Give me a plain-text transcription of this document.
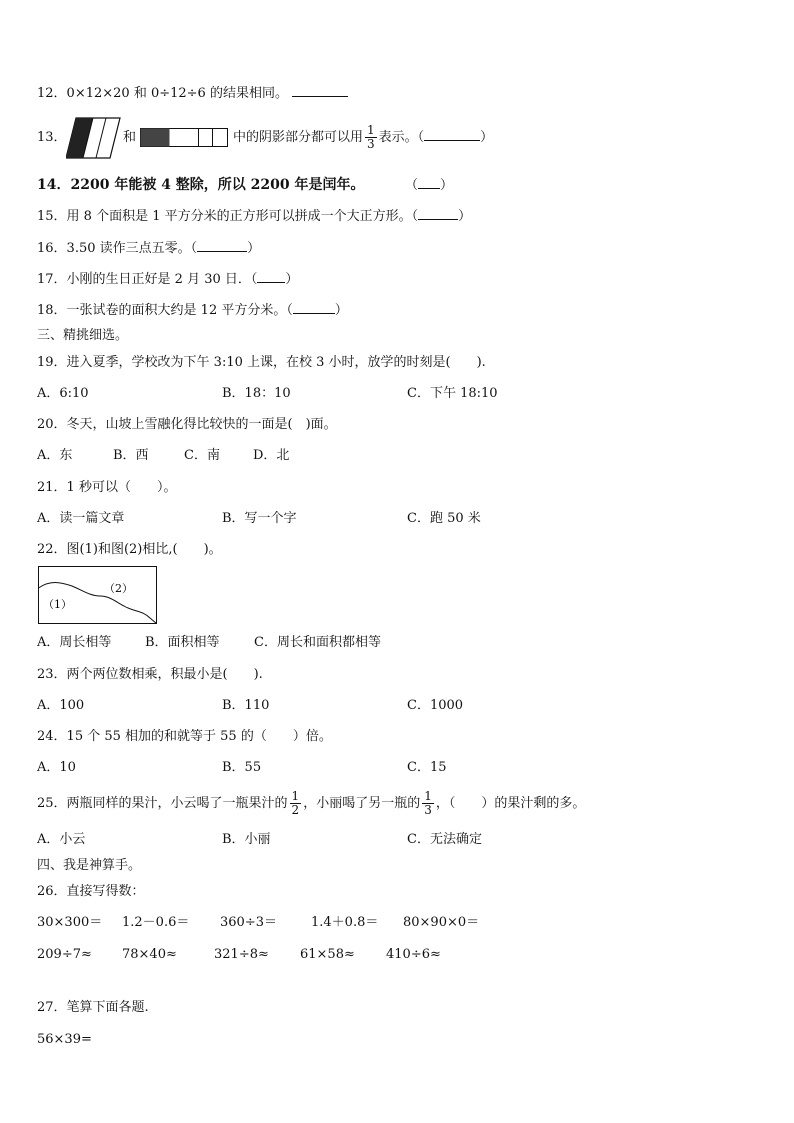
12．0×12×20 和 0÷12÷6 的结果相同。
13．	和	中的阴影部分都可以用 $\frac{1}{3}$ 表示。（	）
14．2200 年能被 4 整除，所以 2200 年是闰年。	（ ）
15．用 8 个面积是 1 平方分米的正方形可以拼成一个大正方形。（	）
16．3.50 读作三点五零。（	）
17．小刚的生日正好是 2 月 30 日．（ ）
18．一张试卷的面积大约是 12 平方分米。（	）
三、精挑细选。
19．进入夏季，学校改为下午 3:10 上课，在校 3 小时，放学的时刻是(　　).
A．6:10	B．18：10	C．下午 18:10
20．冬天，山坡上雪融化得比较快的一面是(　)面。
A．东	B．西	C．南	D．北
21．1 秒可以（　　）。
A．读一篇文章	B．写一个字	C．跑 50 米
22．图(1)和图(2)相比,(　　)。
（1）
（2）
A．周长相等	B．面积相等	C．周长和面积都相等
23．两个两位数相乘，积最小是(　　).
A．100	B．110	C．1000
24．15 个 55 相加的和就等于 55 的（　　）倍。
A．10	B．55	C．15
25．两瓶同样的果汁，小云喝了一瓶果汁的 $\frac{1}{2}$ ，小丽喝了另一瓶的 $\frac{1}{3}$ ，（　　）的果汁剩的多。
A．小云	B．小丽	C．无法确定
四、我是神算手。
26．直接写得数：
30×300＝ 1.2－0.6＝ 360÷3＝	1.4＋0.8＝ 80×90×0＝
209÷7≈ 78×40≈	321÷8≈ 61×58≈ 410÷6≈
27．笔算下面各题.
56×39=
